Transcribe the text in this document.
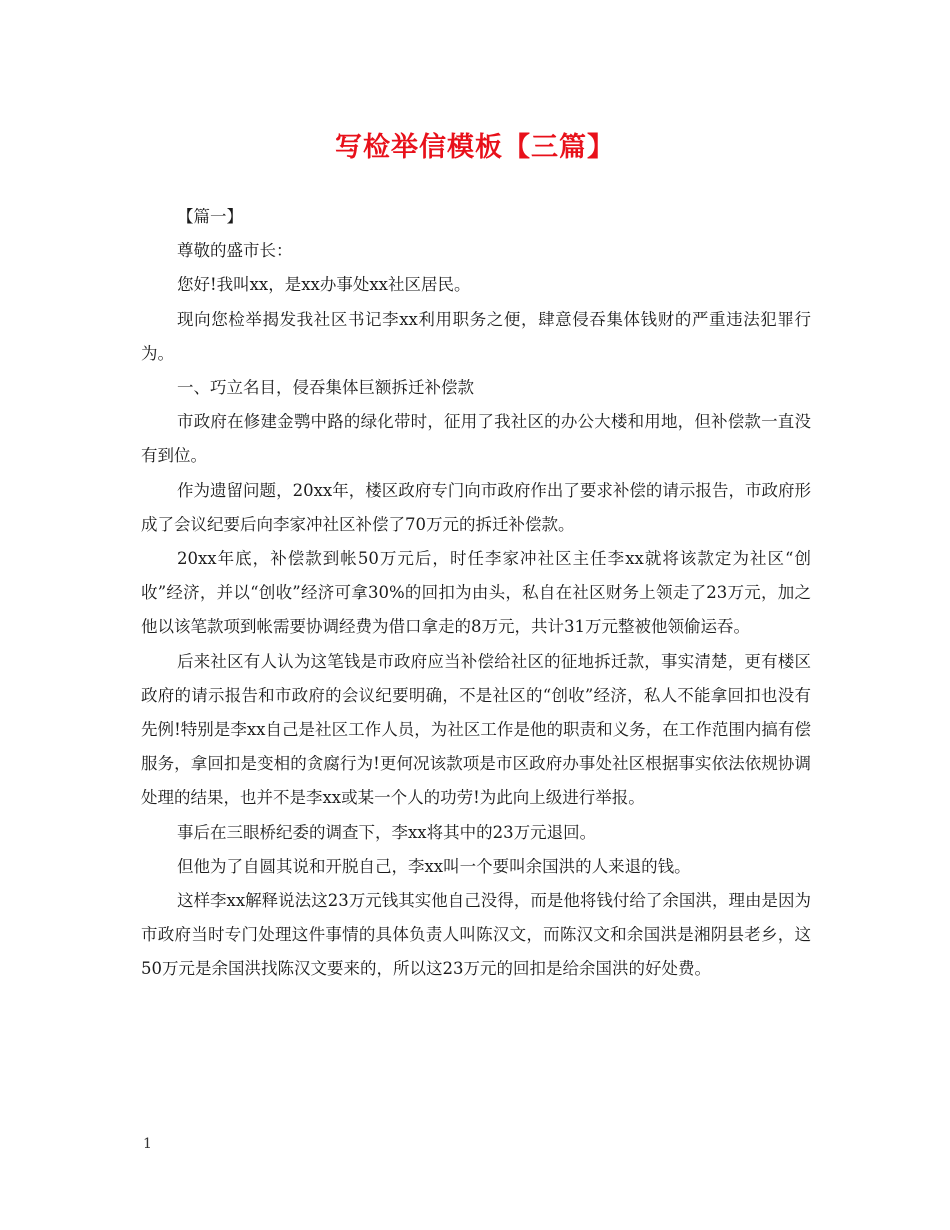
写检举信模板【三篇】

【篇一】

尊敬的盛市长：

您好!我叫xx，是xx办事处xx社区居民。

现向您检举揭发我社区书记李xx利用职务之便，肆意侵吞集体钱财的严重违法犯罪行为。

一、巧立名目，侵吞集体巨额拆迁补偿款

市政府在修建金鹗中路的绿化带时，征用了我社区的办公大楼和用地，但补偿款一直没有到位。

作为遗留问题，20xx年，楼区政府专门向市政府作出了要求补偿的请示报告，市政府形成了会议纪要后向李家冲社区补偿了70万元的拆迁补偿款。

20xx年底，补偿款到帐50万元后，时任李家冲社区主任李xx就将该款定为社区“创收”经济，并以“创收”经济可拿30%的回扣为由头，私自在社区财务上领走了23万元，加之他以该笔款项到帐需要协调经费为借口拿走的8万元，共计31万元整被他领偷运吞。

后来社区有人认为这笔钱是市政府应当补偿给社区的征地拆迁款，事实清楚，更有楼区政府的请示报告和市政府的会议纪要明确，不是社区的“创收”经济，私人不能拿回扣也没有先例!特别是李xx自己是社区工作人员，为社区工作是他的职责和义务，在工作范围内搞有偿服务，拿回扣是变相的贪腐行为!更何况该款项是市区政府办事处社区根据事实依法依规协调处理的结果，也并不是李xx或某一个人的功劳!为此向上级进行举报。

事后在三眼桥纪委的调查下，李xx将其中的23万元退回。

但他为了自圆其说和开脱自己，李xx叫一个要叫余国洪的人来退的钱。

这样李xx解释说法这23万元钱其实他自己没得，而是他将钱付给了余国洪，理由是因为市政府当时专门处理这件事情的具体负责人叫陈汉文，而陈汉文和余国洪是湘阴县老乡，这50万元是余国洪找陈汉文要来的，所以这23万元的回扣是给余国洪的好处费。

1
